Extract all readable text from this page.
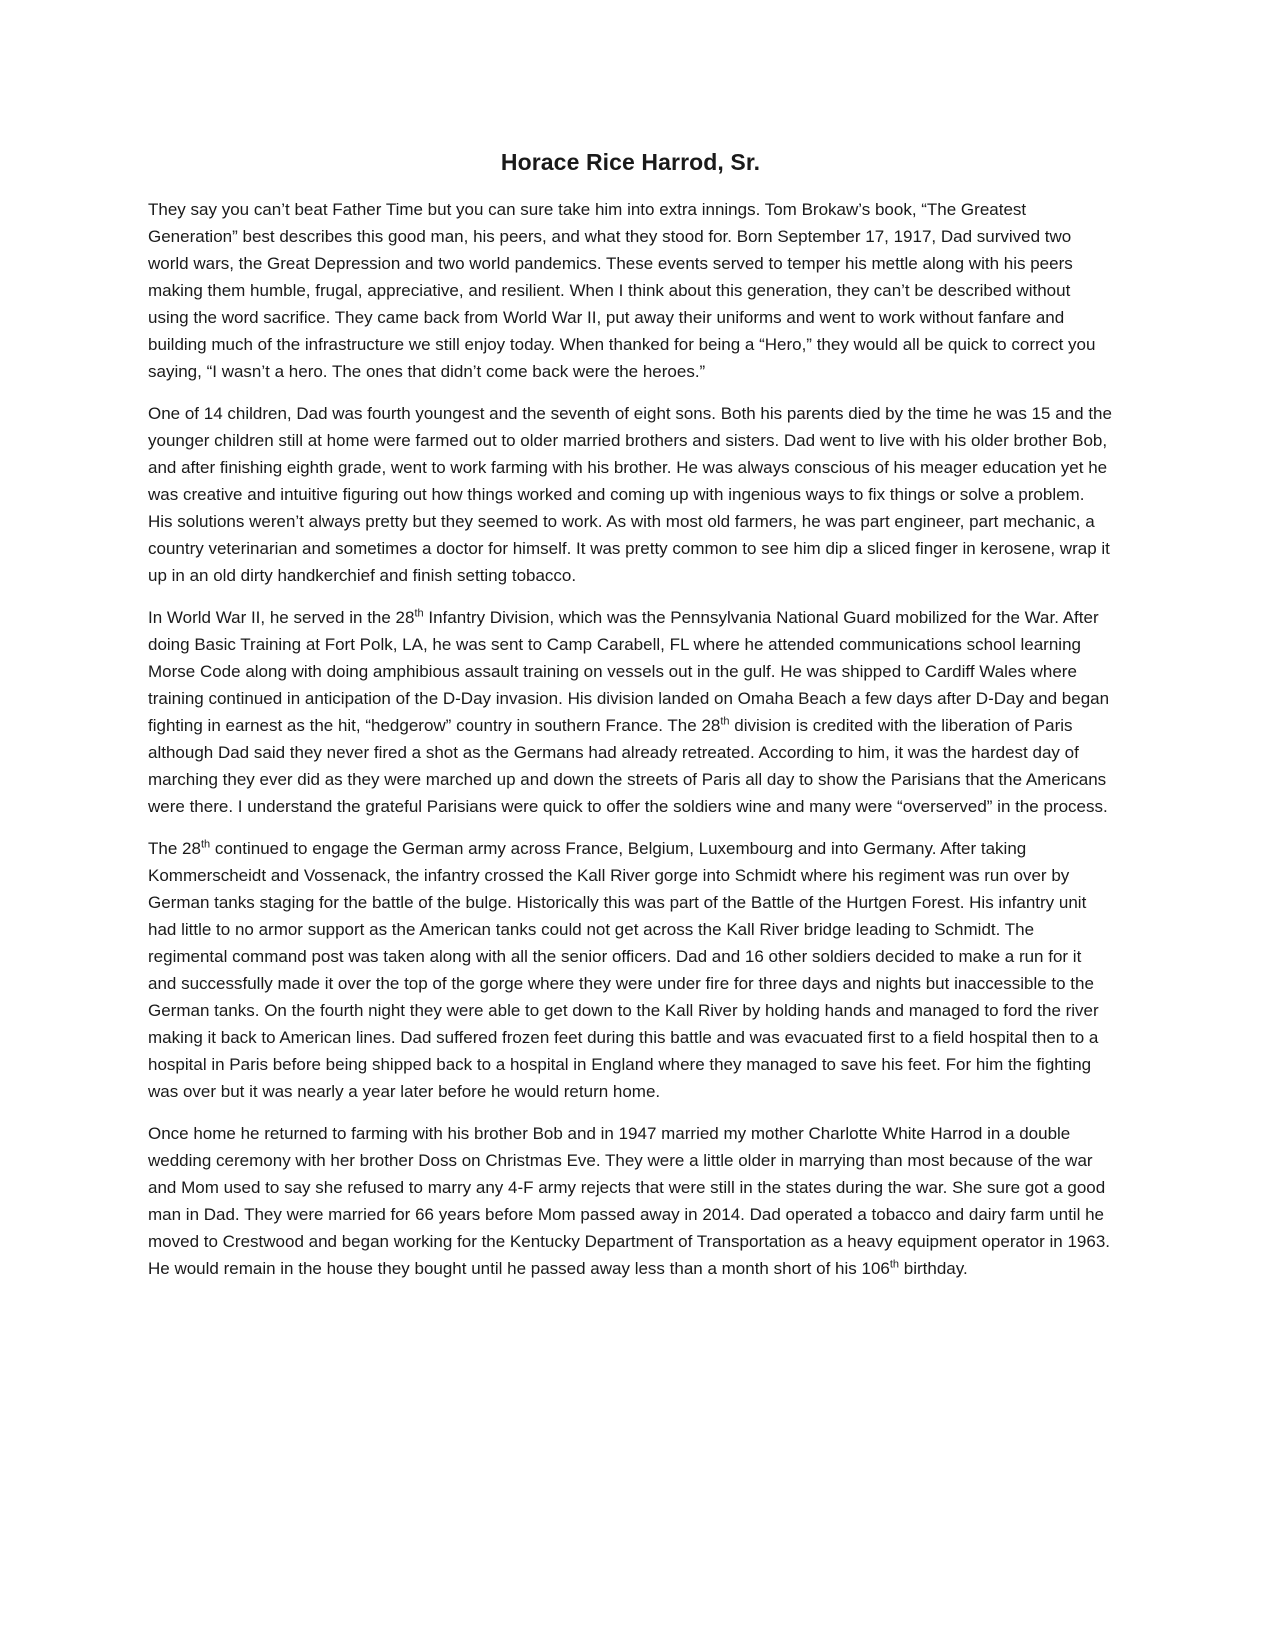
Horace Rice Harrod, Sr.

They say you can’t beat Father Time but you can sure take him into extra innings. Tom Brokaw’s book, “The Greatest Generation” best describes this good man, his peers, and what they stood for. Born September 17, 1917, Dad survived two world wars, the Great Depression and two world pandemics. These events served to temper his mettle along with his peers making them humble, frugal, appreciative, and resilient. When I think about this generation, they can’t be described without using the word sacrifice. They came back from World War II, put away their uniforms and went to work without fanfare and building much of the infrastructure we still enjoy today. When thanked for being a “Hero,” they would all be quick to correct you saying, “I wasn’t a hero. The ones that didn’t come back were the heroes.”

One of 14 children, Dad was fourth youngest and the seventh of eight sons. Both his parents died by the time he was 15 and the younger children still at home were farmed out to older married brothers and sisters. Dad went to live with his older brother Bob, and after finishing eighth grade, went to work farming with his brother. He was always conscious of his meager education yet he was creative and intuitive figuring out how things worked and coming up with ingenious ways to fix things or solve a problem. His solutions weren’t always pretty but they seemed to work. As with most old farmers, he was part engineer, part mechanic, a country veterinarian and sometimes a doctor for himself. It was pretty common to see him dip a sliced finger in kerosene, wrap it up in an old dirty handkerchief and finish setting tobacco.

In World War II, he served in the 28th Infantry Division, which was the Pennsylvania National Guard mobilized for the War. After doing Basic Training at Fort Polk, LA, he was sent to Camp Carabell, FL where he attended communications school learning Morse Code along with doing amphibious assault training on vessels out in the gulf. He was shipped to Cardiff Wales where training continued in anticipation of the D-Day invasion. His division landed on Omaha Beach a few days after D-Day and began fighting in earnest as the hit, “hedgerow” country in southern France. The 28th division is credited with the liberation of Paris although Dad said they never fired a shot as the Germans had already retreated. According to him, it was the hardest day of marching they ever did as they were marched up and down the streets of Paris all day to show the Parisians that the Americans were there. I understand the grateful Parisians were quick to offer the soldiers wine and many were “overserved” in the process.

The 28th continued to engage the German army across France, Belgium, Luxembourg and into Germany. After taking Kommerscheidt and Vossenack, the infantry crossed the Kall River gorge into Schmidt where his regiment was run over by German tanks staging for the battle of the bulge. Historically this was part of the Battle of the Hurtgen Forest. His infantry unit had little to no armor support as the American tanks could not get across the Kall River bridge leading to Schmidt. The regimental command post was taken along with all the senior officers. Dad and 16 other soldiers decided to make a run for it and successfully made it over the top of the gorge where they were under fire for three days and nights but inaccessible to the German tanks. On the fourth night they were able to get down to the Kall River by holding hands and managed to ford the river making it back to American lines. Dad suffered frozen feet during this battle and was evacuated first to a field hospital then to a hospital in Paris before being shipped back to a hospital in England where they managed to save his feet. For him the fighting was over but it was nearly a year later before he would return home.

Once home he returned to farming with his brother Bob and in 1947 married my mother Charlotte White Harrod in a double wedding ceremony with her brother Doss on Christmas Eve. They were a little older in marrying than most because of the war and Mom used to say she refused to marry any 4-F army rejects that were still in the states during the war. She sure got a good man in Dad. They were married for 66 years before Mom passed away in 2014. Dad operated a tobacco and dairy farm until he moved to Crestwood and began working for the Kentucky Department of Transportation as a heavy equipment operator in 1963. He would remain in the house they bought until he passed away less than a month short of his 106th birthday.
